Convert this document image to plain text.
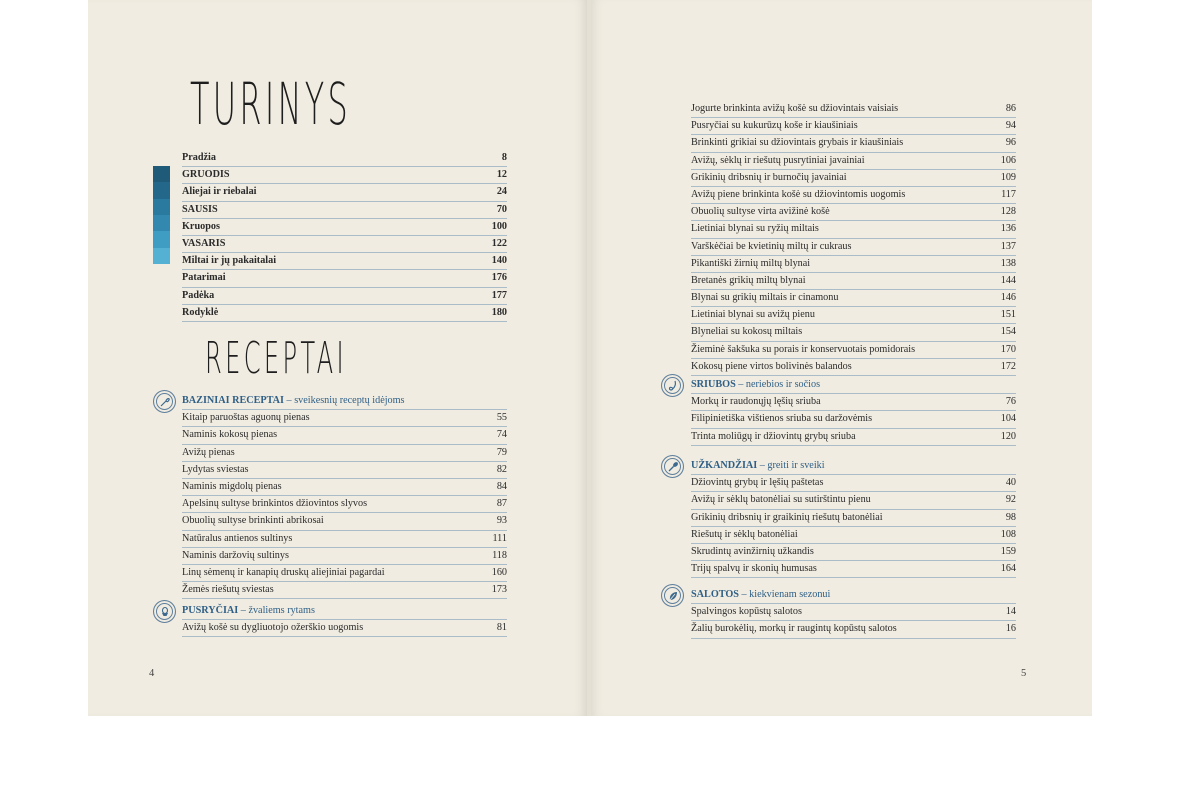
TURINYS
Pradžia	8
GRUODIS	12
Aliejai ir riebalai	24
SAUSIS	70
Kruopos	100
VASARIS	122
Miltai ir jų pakaitalai	140
Patarimai	176
Padėka	177
Rodyklė	180
RECEPTAI
BAZINIAI RECEPTAI – sveikesnių receptų idėjoms
Kitaip paruoštas aguonų pienas	55
Naminis kokosų pienas	74
Avižų pienas	79
Lydytas sviestas	82
Naminis migdolų pienas	84
Apelsinų sultyse brinkintos džiovintos slyvos	87
Obuolių sultyse brinkinti abrikosai	93
Natūralus antienos sultinys	111
Naminis daržovių sultinys	118
Linų sėmenų ir kanapių druskų aliejiniai pagardai	160
Žemės riešutų sviestas	173
PUSRYČIAI – žvaliems rytams
Avižų košė su dygliuotojo ožerškio uogomis	81
4
Jogurte brinkinta avižų košė su džiovintais vaisiais	86
Pusryčiai su kukurūzų koše ir kiaušiniais	94
Brinkinti grikiai su džiovintais grybais ir kiaušiniais	96
Avižų, sėklų ir riešutų pusrytiniai javainiai	106
Grikinių dribsnių ir burnočių javainiai	109
Avižų piene brinkinta košė su džiovintomis uogomis	117
Obuolių sultyse virta avižinė košė	128
Lietiniai blynai su ryžių miltais	136
Varškėčiai be kvietinių miltų ir cukraus	137
Pikantiški žirnių miltų blynai	138
Bretanės grikių miltų blynai	144
Blynai su grikių miltais ir cinamonu	146
Lietiniai blynai su avižų pienu	151
Blyneliai su kokosų miltais	154
Žieminė šakšuka su porais ir konservuotais pomidorais	170
Kokosų piene virtos bolivinės balandos	172
SRIUBOS – neriebios ir sočios
Morkų ir raudonųjų lęšių sriuba	76
Filipinietiška vištienos sriuba su daržovėmis	104
Trinta moliūgų ir džiovintų grybų sriuba	120
UŽKANDŽIAI – greiti ir sveiki
Džiovintų grybų ir lęšių paštetas	40
Avižų ir sėklų batonėliai su sutirštintu pienu	92
Grikinių dribsnių ir graikinių riešutų batonėliai	98
Riešutų ir sėklų batonėliai	108
Skrudintų avinžirnių užkandis	159
Trijų spalvų ir skonių humusas	164
SALOTOS – kiekvienam sezonui
Spalvingos kopūstų salotos	14
Žalių burokėlių, morkų ir raugintų kopūstų salotos	16
5
